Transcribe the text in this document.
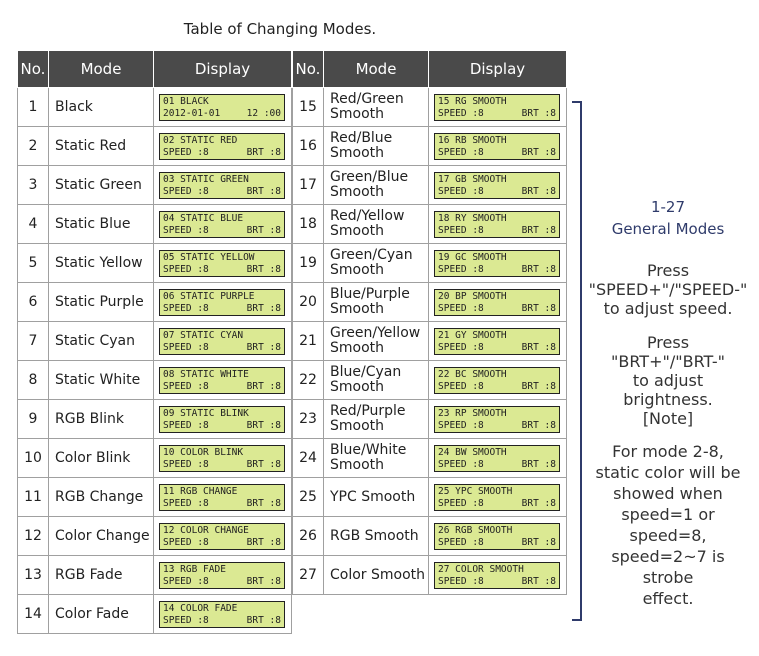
Table of Changing Modes.
No.	Mode	Display
1	Black	01 BLACK
2012-01-01 12 :00

2	Static Red	02 STATIC RED
SPEED :8 BRT :8

3	Static Green	03 STATIC GREEN
SPEED :8 BRT :8

4	Static Blue	04 STATIC BLUE
SPEED :8 BRT :8

5	Static Yellow	05 STATIC YELLOW
SPEED :8 BRT :8

6	Static Purple	06 STATIC PURPLE
SPEED :8 BRT :8

7	Static Cyan	07 STATIC CYAN
SPEED :8 BRT :8

8	Static White	08 STATIC WHITE
SPEED :8 BRT :8

9	RGB Blink	09 STATIC BLINK
SPEED :8 BRT :8

10	Color Blink	10 COLOR BLINK
SPEED :8 BRT :8

11	RGB Change	11 RGB CHANGE
SPEED :8 BRT :8

12	Color Change	12 COLOR CHANGE
SPEED :8 BRT :8

13	RGB Fade	13 RGB FADE
SPEED :8 BRT :8

14	Color Fade	14 COLOR FADE
SPEED :8 BRT :8
No.	Mode	Display
15	Red/Green Smooth	15 RG SMOOTH
SPEED :8 BRT :8

16	Red/Blue Smooth	16 RB SMOOTH
SPEED :8 BRT :8

17	Green/Blue Smooth	17 GB SMOOTH
SPEED :8 BRT :8

18	Red/Yellow Smooth	18 RY SMOOTH
SPEED :8 BRT :8

19	Green/Cyan Smooth	19 GC SMOOTH
SPEED :8 BRT :8

20	Blue/Purple Smooth	20 BP SMOOTH
SPEED :8 BRT :8

21	Green/Yellow Smooth	21 GY SMOOTH
SPEED :8 BRT :8

22	Blue/Cyan Smooth	22 BC SMOOTH
SPEED :8 BRT :8

23	Red/Purple Smooth	23 RP SMOOTH
SPEED :8 BRT :8

24	Blue/White Smooth	24 BW SMOOTH
SPEED :8 BRT :8

25	YPC Smooth	25 YPC SMOOTH
SPEED :8 BRT :8

26	RGB Smooth	26 RGB SMOOTH
SPEED :8 BRT :8

27	Color Smooth	27 COLOR SMOOTH
SPEED :8 BRT :8
1-27
General Modes
Press
"SPEED+"/"SPEED-"
to adjust speed.
Press
"BRT+"/"BRT-"
to adjust brightness.
[Note]
For mode 2-8,
static color will be
showed when
speed=1 or speed=8,
speed=2~7 is strobe
effect.
